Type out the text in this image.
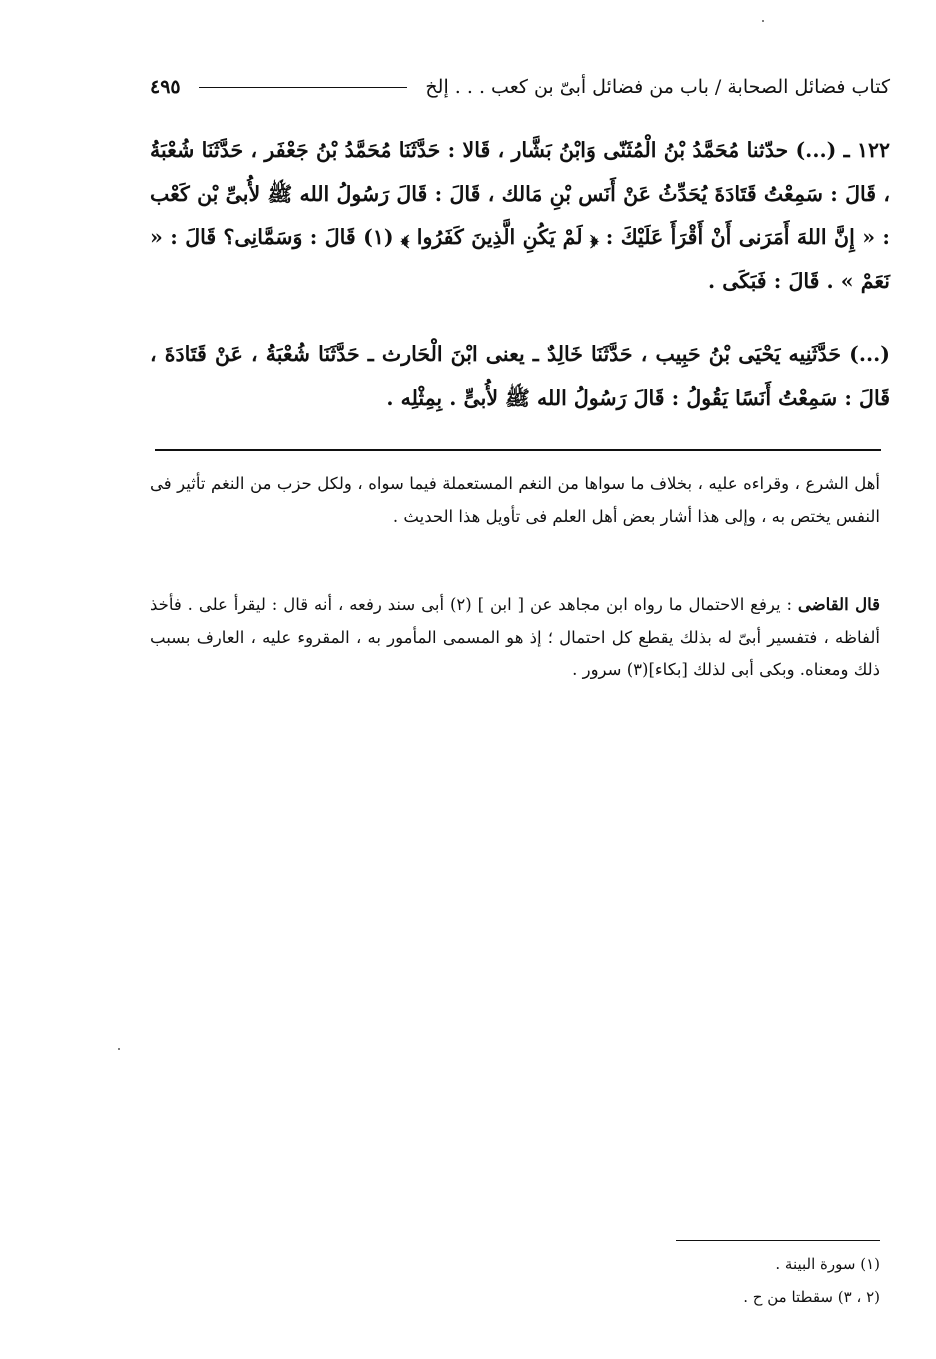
كتاب فضائل الصحابة / باب من فضائل أبىّ بن كعب . . . إلخ
٤٩٥

١٢٢ ـ (...) حدّثنا مُحَمَّدُ بْنُ الْمُثَنّى وَابْنُ بَشَّار ، قَالا : حَدَّثَنَا مُحَمَّدُ بْنُ جَعْفَر ، حَدَّثَنَا شُعْبَةُ ، قَالَ : سَمِعْتُ قَتَادَةَ يُحَدِّثُ عَنْ أَنَس بْنِ مَالك ، قَالَ : قَالَ رَسُولُ الله ﷺ لأُبىِّ بْن كَعْب : « إِنَّ اللهَ أَمَرَنى أَنْ أَقْرَأَ عَلَيْكَ : ﴿ لَمْ يَكُنِ الَّذِينَ كَفَرُوا ﴾ (١) قَالَ : وَسَمَّانِى؟ قَالَ : « نَعَمْ » . قَالَ : فَبَكَى .

(...) حَدَّثَنِيه يَحْيَى بْنُ حَبِيب ، حَدَّثَنَا خَالِدٌ ـ يعنى ابْنَ الْحَارث ـ حَدَّثَنَا شُعْبَةُ ، عَنْ قَتَادَةَ ، قَالَ : سَمِعْتُ أَنَسًا يَقُولُ : قَالَ رَسُولُ الله ﷺ لأُبىٍّ . بِمِثْلِه .

أهل الشرع ، وقراءه عليه ، بخلاف ما سواها من النغم المستعملة فيما سواه ، ولكل حزب من النغم تأثير فى النفس يختص به ، وإلى هذا أشار بعض أهل العلم فى تأويل هذا الحديث .

قال القاضى : يرفع الاحتمال ما رواه ابن مجاهد عن [ ابن ] (٢) أبى سند رفعه ، أنه قال : ليقرأ على . فأخذ ألفاظه ، فتفسير أبىّ له بذلك يقطع كل احتمال ؛ إذ هو المسمى المأمور به ، المقروء عليه ، العارف بسبب ذلك ومعناه. وبكى أبى لذلك [بكاء](٣) سرور .

(١) سورة البينة .
(٢ ، ٣) سقطتا من ح .
